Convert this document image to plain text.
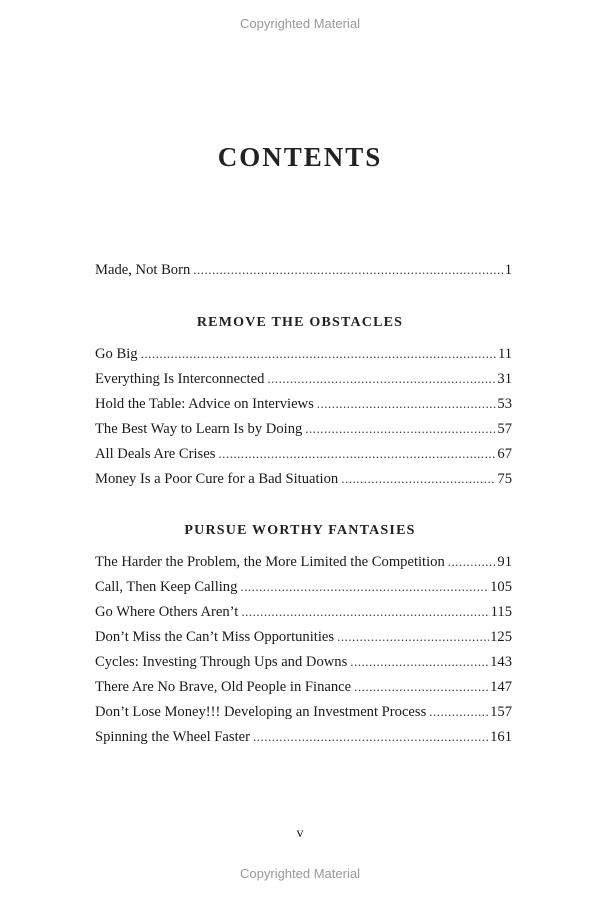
Copyrighted Material
CONTENTS
Made, Not Born .....	1
REMOVE THE OBSTACLES
Go Big .....	11
Everything Is Interconnected .....	31
Hold the Table: Advice on Interviews .....	53
The Best Way to Learn Is by Doing .....	57
All Deals Are Crises .....	67
Money Is a Poor Cure for a Bad Situation .....	75
PURSUE WORTHY FANTASIES
The Harder the Problem, the More Limited the Competition .....	91
Call, Then Keep Calling .....	105
Go Where Others Aren’t .....	115
Don’t Miss the Can’t Miss Opportunities .....	125
Cycles: Investing Through Ups and Downs .....	143
There Are No Brave, Old People in Finance .....	147
Don’t Lose Money!!! Developing an Investment Process .....	157
Spinning the Wheel Faster .....	161
v
Copyrighted Material
